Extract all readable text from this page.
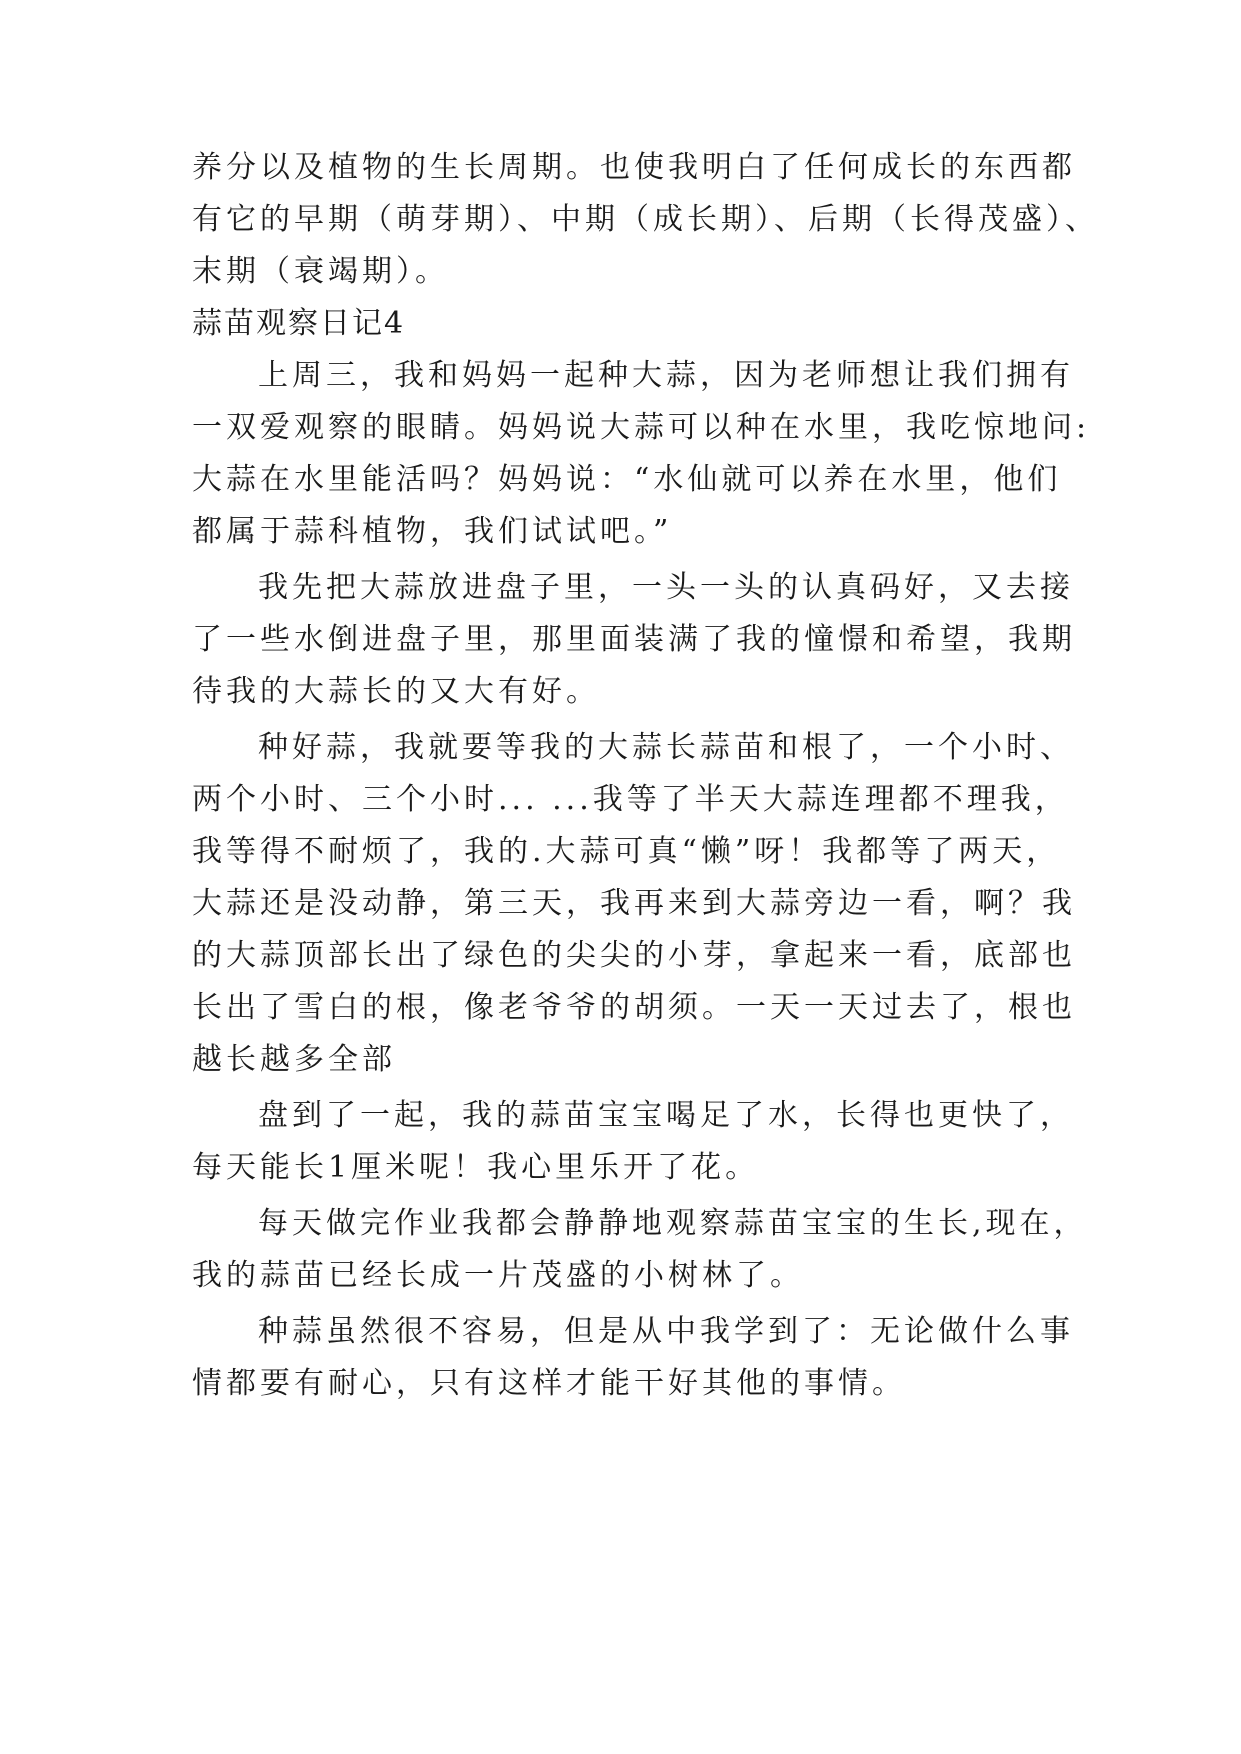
养分以及植物的生长周期。也使我明白了任何成长的东西都
有它的早期（萌芽期）、中期（成长期）、后期（长得茂盛）、
末期（衰竭期）。
蒜苗观察日记4
上周三，我和妈妈一起种大蒜，因为老师想让我们拥有
一双爱观察的眼睛。妈妈说大蒜可以种在水里，我吃惊地问:
大蒜在水里能活吗？妈妈说：“水仙就可以养在水里，他们
都属于蒜科植物，我们试试吧。”
我先把大蒜放进盘子里，一头一头的认真码好，又去接
了一些水倒进盘子里，那里面装满了我的憧憬和希望，我期
待我的大蒜长的又大有好。
种好蒜，我就要等我的大蒜长蒜苗和根了，一个小时、
两个小时、三个小时... ...我等了半天大蒜连理都不理我，
我等得不耐烦了，我的.大蒜可真“懒”呀！我都等了两天，
大蒜还是没动静，第三天，我再来到大蒜旁边一看，啊？我
的大蒜顶部长出了绿色的尖尖的小芽，拿起来一看，底部也
长出了雪白的根，像老爷爷的胡须。一天一天过去了，根也
越长越多全部
盘到了一起，我的蒜苗宝宝喝足了水，长得也更快了，
每天能长1厘米呢！我心里乐开了花。
每天做完作业我都会静静地观察蒜苗宝宝的生长,现在，
我的蒜苗已经长成一片茂盛的小树林了。
种蒜虽然很不容易，但是从中我学到了：无论做什么事
情都要有耐心，只有这样才能干好其他的事情。
